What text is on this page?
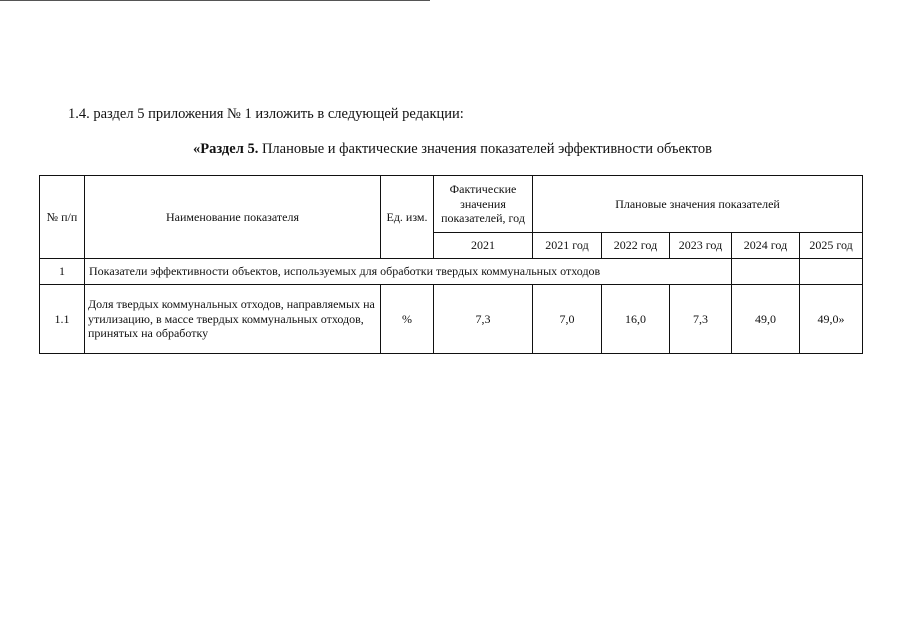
1.4. раздел 5 приложения № 1 изложить в следующей редакции:
«Раздел 5. Плановые и фактические значения показателей эффективности объектов
№ п/п	Наименование показателя	Ед. изм.	Фактические значения показателей, год	Плановые значения показателей				
			2021	2021 год	2022 год	2023 год	2024 год	2025 год
1	Показатели эффективности объектов, используемых для обработки твердых коммунальных отходов							
1.1	Доля твердых коммунальных отходов, направляемых на утилизацию, в массе твердых коммунальных отходов, принятых на обработку	%	7,3	7,0	16,0	7,3	49,0	49,0»
